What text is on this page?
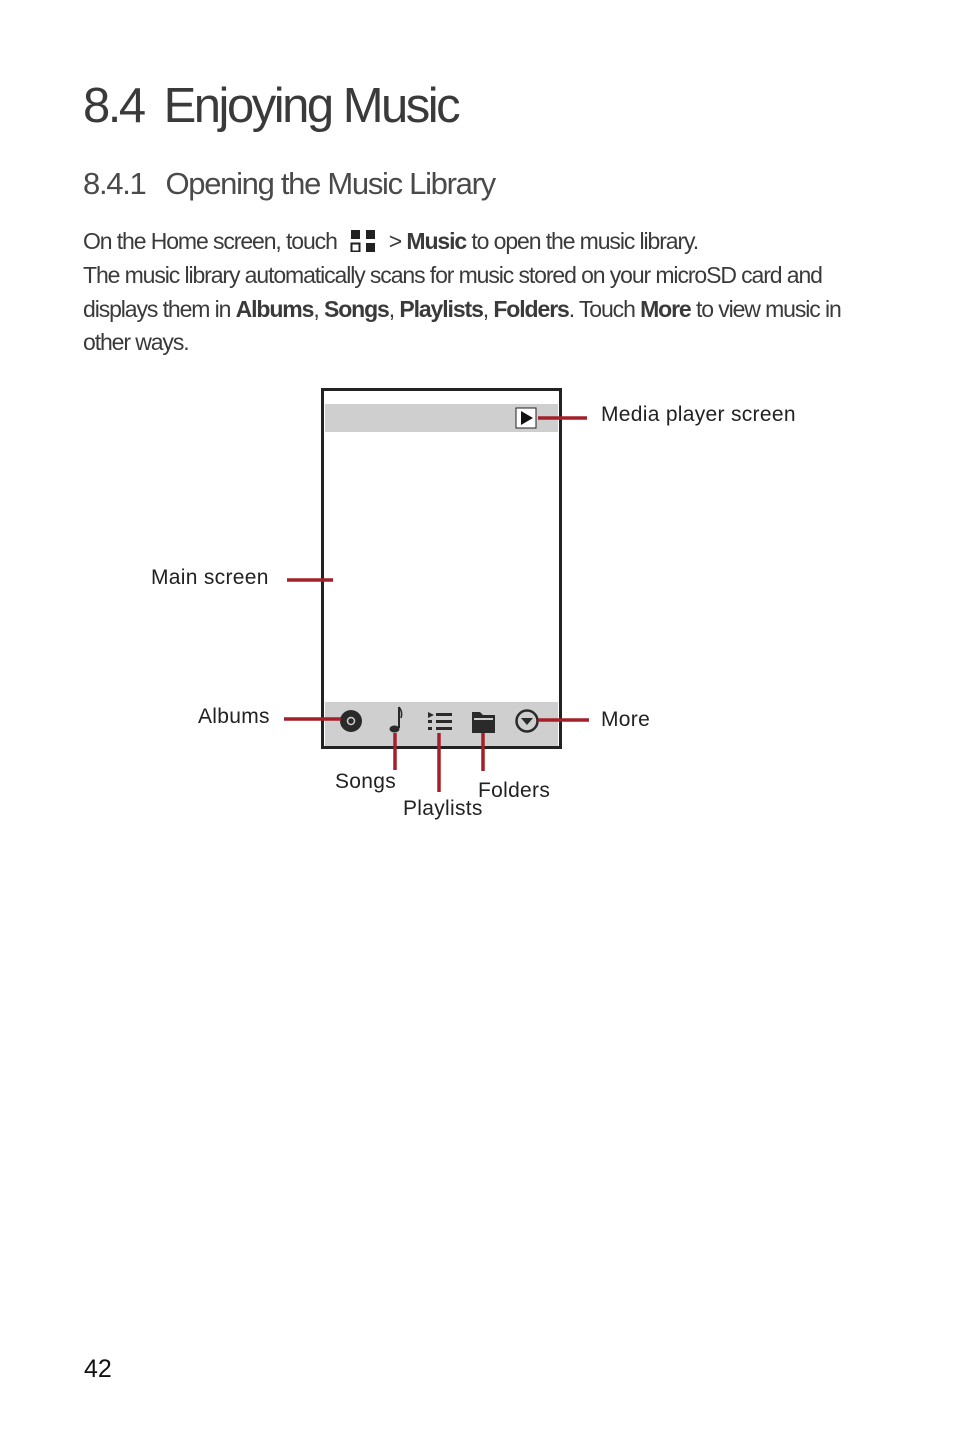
8.4 Enjoying Music
8.4.1 Opening the Music Library
On the Home screen, touch > Music to open the music library.
The music library automatically scans for music stored on your microSD card and displays them in Albums, Songs, Playlists, Folders. Touch More to view music in other ways.
Media player screen
Main screen
Albums	More
Songs
Playlists
Folders
42
